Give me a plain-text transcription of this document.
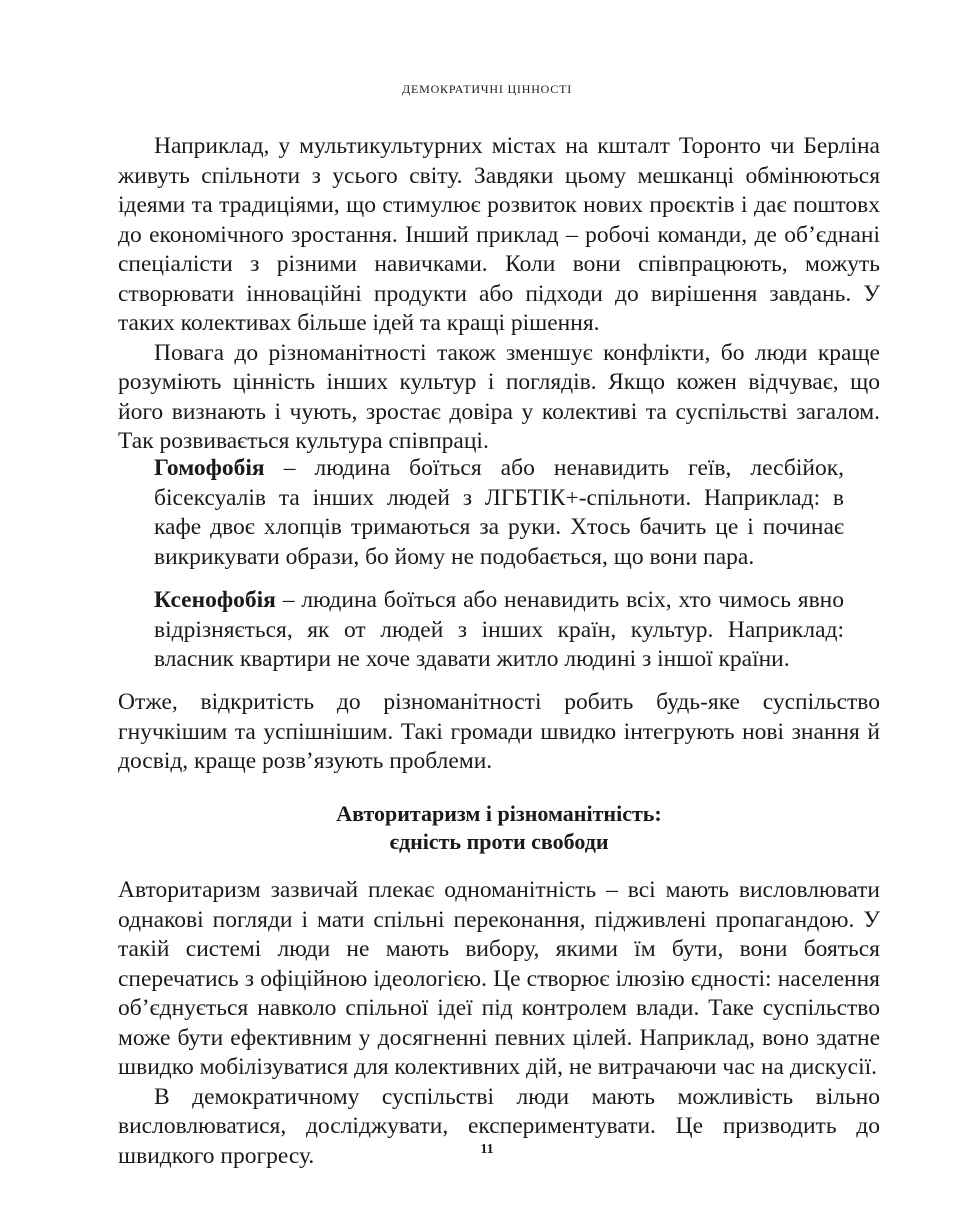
ДЕМОКРАТИЧНІ ЦІННОСТІ

Наприклад, у мультикультурних містах на кшталт Торонто чи Берліна живуть спільноти з усього світу. Завдяки цьому мешканці обмінюються ідеями та традиціями, що стимулює розвиток нових проєктів і дає поштовх до економічного зростання. Інший приклад – робочі команди, де об’єднані спеціалісти з різними навичками. Коли вони співпрацюють, можуть створювати інноваційні продукти або підходи до вирішення завдань. У таких колективах більше ідей та кращі рішення.

Повага до різноманітності також зменшує конфлікти, бо люди краще розуміють цінність інших культур і поглядів. Якщо кожен відчуває, що його визнають і чують, зростає довіра у колективі та суспільстві загалом. Так розвивається культура співпраці.

Гомофобія – людина боїться або ненавидить геїв, лесбійок, бісексуалів та інших людей з ЛГБТІК+-спільноти. Наприклад: в кафе двоє хлопців тримаються за руки. Хтось бачить це і починає викрикувати образи, бо йому не подобається, що вони пара.

Ксенофобія – людина боїться або ненавидить всіх, хто чимось явно відрізняється, як от людей з інших країн, культур. Наприклад: власник квартири не хоче здавати житло людині з іншої країни.

Отже, відкритість до різноманітності робить будь-яке суспільство гнучкішим та успішнішим. Такі громади швидко інтегрують нові знання й досвід, краще розв’язують проблеми.

Авторитаризм і різноманітність:
єдність проти свободи

Авторитаризм зазвичай плекає одноманітність – всі мають висловлювати однакові погляди і мати спільні переконання, підживлені пропагандою. У такій системі люди не мають вибору, якими їм бути, вони бояться сперечатись з офіційною ідеологією. Це створює ілюзію єдності: населення об’єднується навколо спільної ідеї під контролем влади. Таке суспільство може бути ефективним у досягненні певних цілей. Наприклад, воно здатне швидко мобілізуватися для колективних дій, не витрачаючи час на дискусії.

В демократичному суспільстві люди мають можливість вільно висловлюватися, досліджувати, експериментувати. Це призводить до швидкого прогресу.	11
